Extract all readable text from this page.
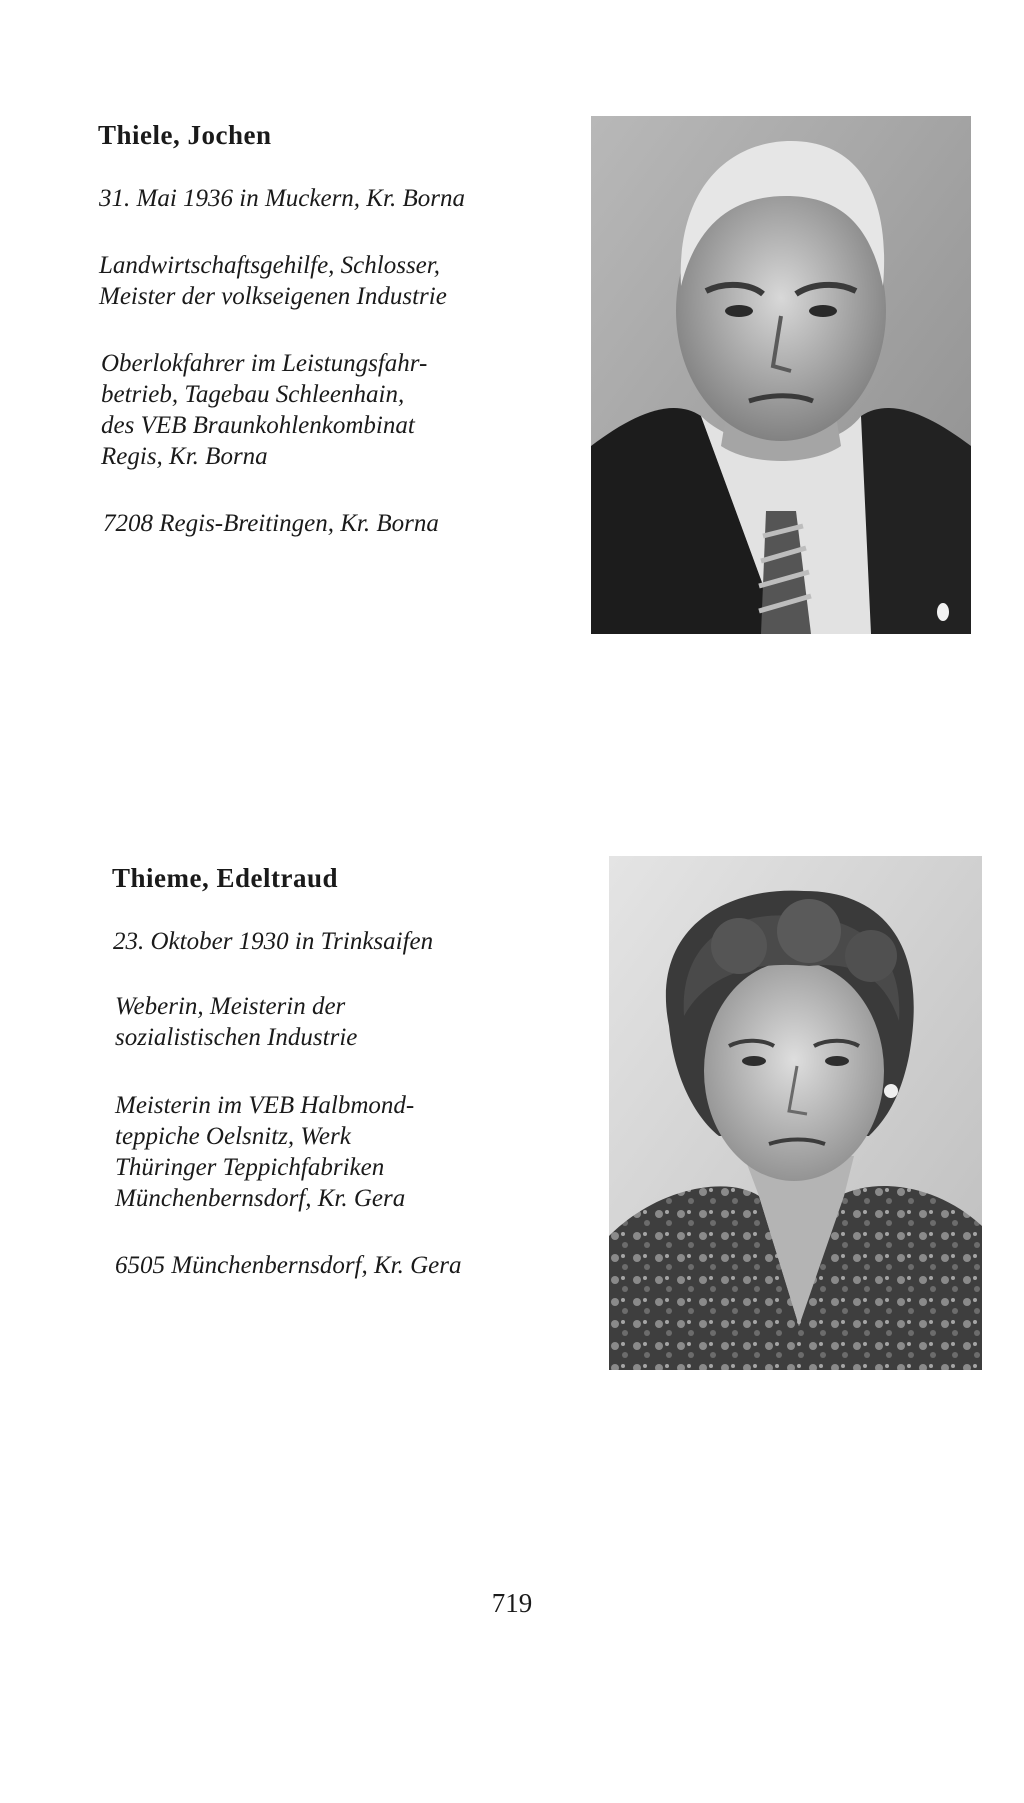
Thiele, Jochen
31. Mai 1936 in Muckern, Kr. Borna
Landwirtschaftsgehilfe, Schlosser,
Meister der volkseigenen Industrie
Oberlokfahrer im Leistungsfahr-
betrieb, Tagebau Schleenhain,
des VEB Braunkohlenkombinat
Regis, Kr. Borna
7208 Regis-Breitingen, Kr. Borna
Thieme, Edeltraud
23. Oktober 1930 in Trinksaifen
Weberin, Meisterin der
sozialistischen Industrie
Meisterin im VEB Halbmond-
teppiche Oelsnitz, Werk
Thüringer Teppichfabriken
Münchenbernsdorf, Kr. Gera
6505 Münchenbernsdorf, Kr. Gera
719
